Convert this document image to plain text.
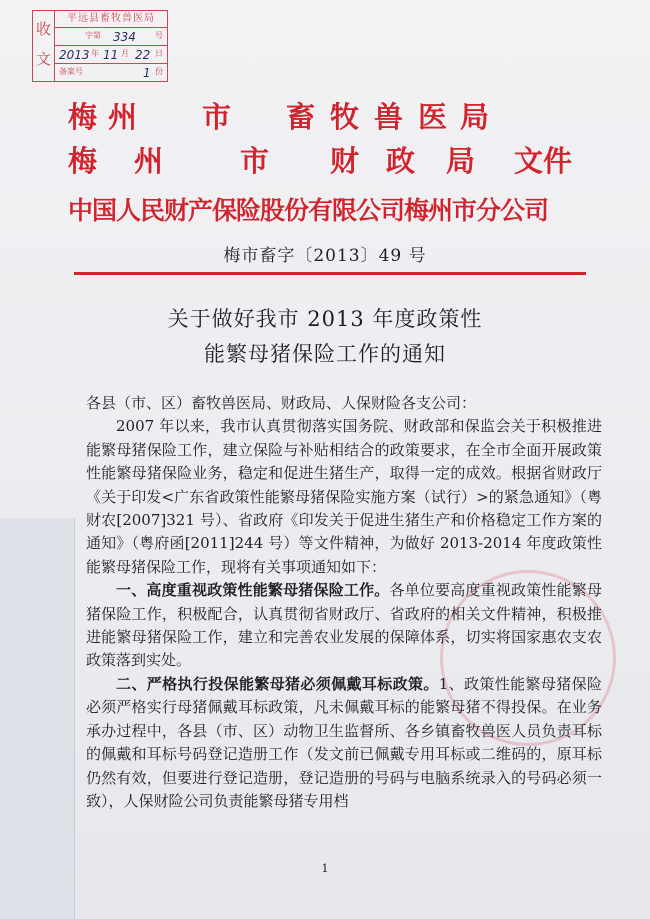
收
文
平远县畜牧兽医局
字第 334 号
2013 年 11 月 22 日
备案号	1 份
梅 州 市 畜 牧 兽 医 局
梅 州	市 财 政 局 文件
中国人民财产保险股份有限公司梅州市分公司
梅市畜字〔2013〕49 号
关于做好我市 2013 年度政策性
能繁母猪保险工作的通知

各县（市、区）畜牧兽医局、财政局、人保财险各支公司：

2007 年以来，我市认真贯彻落实国务院、财政部和保监会关于积极推进能繁母猪保险工作，建立保险与补贴相结合的政策要求，在全市全面开展政策性能繁母猪保险业务，稳定和促进生猪生产，取得一定的成效。根据省财政厅《关于印发<广东省政策性能繁母猪保险实施方案（试行）>的紧急通知》（粤财农[2007]321 号）、省政府《印发关于促进生猪生产和价格稳定工作方案的通知》（粤府函[2011]244 号）等文件精神，为做好 2013-2014 年度政策性能繁母猪保险工作，现将有关事项通知如下：

一、高度重视政策性能繁母猪保险工作。各单位要高度重视政策性能繁母猪保险工作，积极配合，认真贯彻省财政厅、省政府的相关文件精神，积极推进能繁母猪保险工作，建立和完善农业发展的保障体系，切实将国家惠农支农政策落到实处。

二、严格执行投保能繁母猪必须佩戴耳标政策。1、政策性能繁母猪保险必须严格实行母猪佩戴耳标政策，凡未佩戴耳标的能繁母猪不得投保。在业务承办过程中，各县（市、区）动物卫生监督所、各乡镇畜牧兽医人员负责耳标的佩戴和耳标号码登记造册工作（发文前已佩戴专用耳标或二维码的，原耳标仍然有效，但要进行登记造册，登记造册的号码与电脑系统录入的号码必须一致），人保财险公司负责能繁母猪专用档

1
